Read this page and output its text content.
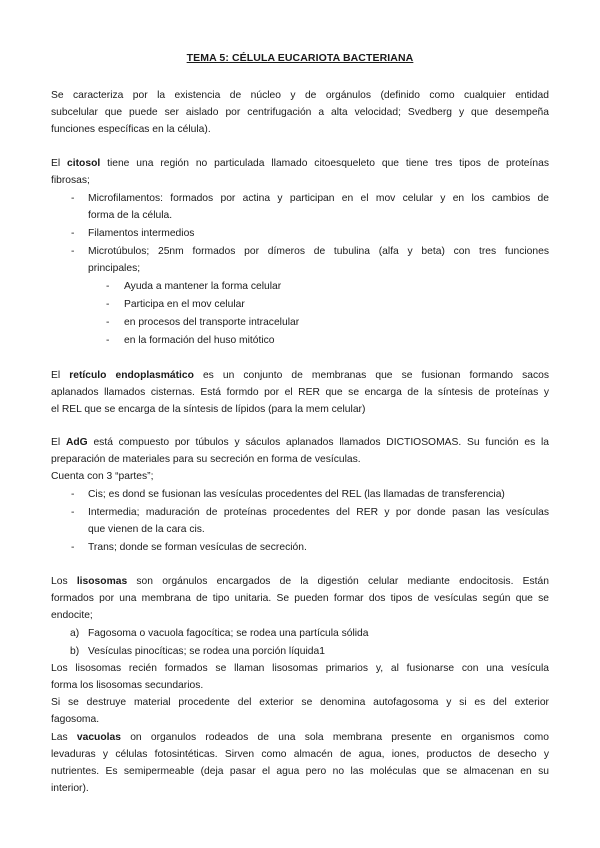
TEMA 5: CÉLULA EUCARIOTA BACTERIANA
Se caracteriza por la existencia de núcleo y de orgánulos (definido como cualquier entidad
subcelular que puede ser aislado por centrifugación a alta velocidad; Svedberg y que desempeña
funciones específicas en la célula).
El citosol tiene una región no particulada llamado citoesqueleto que tiene tres tipos de proteínas
fibrosas;
- Microfilamentos: formados por actina y participan en el mov celular y en los cambios de
forma de la célula.
- Filamentos intermedios
- Microtúbulos; 25nm formados por dímeros de tubulina (alfa y beta) con tres funciones
principales;
- Ayuda a mantener la forma celular
- Participa en el mov celular
- en procesos del transporte intracelular
- en la formación del huso mitótico
El retículo endoplasmático es un conjunto de membranas que se fusionan formando sacos
aplanados llamados cisternas. Está formdo por el RER que se encarga de la síntesis de proteínas y
el REL que se encarga de la síntesis de lípidos (para la mem celular)
El AdG está compuesto por túbulos y sáculos aplanados llamados DICTIOSOMAS. Su función es la
preparación de materiales para su secreción en forma de vesículas.
Cuenta con 3 “partes”;
- Cis; es dond se fusionan las vesículas procedentes del REL (las llamadas de transferencia)
- Intermedia; maduración de proteínas procedentes del RER y por donde pasan las vesículas
que vienen de la cara cis.
- Trans; donde se forman vesículas de secreción.
Los lisosomas son orgánulos encargados de la digestión celular mediante endocitosis. Están
formados por una membrana de tipo unitaria. Se pueden formar dos tipos de vesículas según que se
endocite;
a) Fagosoma o vacuola fagocítica; se rodea una partícula sólida
b) Vesículas pinocíticas; se rodea una porción líquida1
Los lisosomas recién formados se llaman lisosomas primarios y, al fusionarse con una vesícula
forma los lisosomas secundarios.
Si se destruye material procedente del exterior se denomina autofagosoma y si es del exterior
fagosoma.
Las vacuolas on organulos rodeados de una sola membrana presente en organismos como
levaduras y células fotosintéticas. Sirven como almacén de agua, iones, productos de desecho y
nutrientes. Es semipermeable (deja pasar el agua pero no las moléculas que se almacenan en su
interior).
